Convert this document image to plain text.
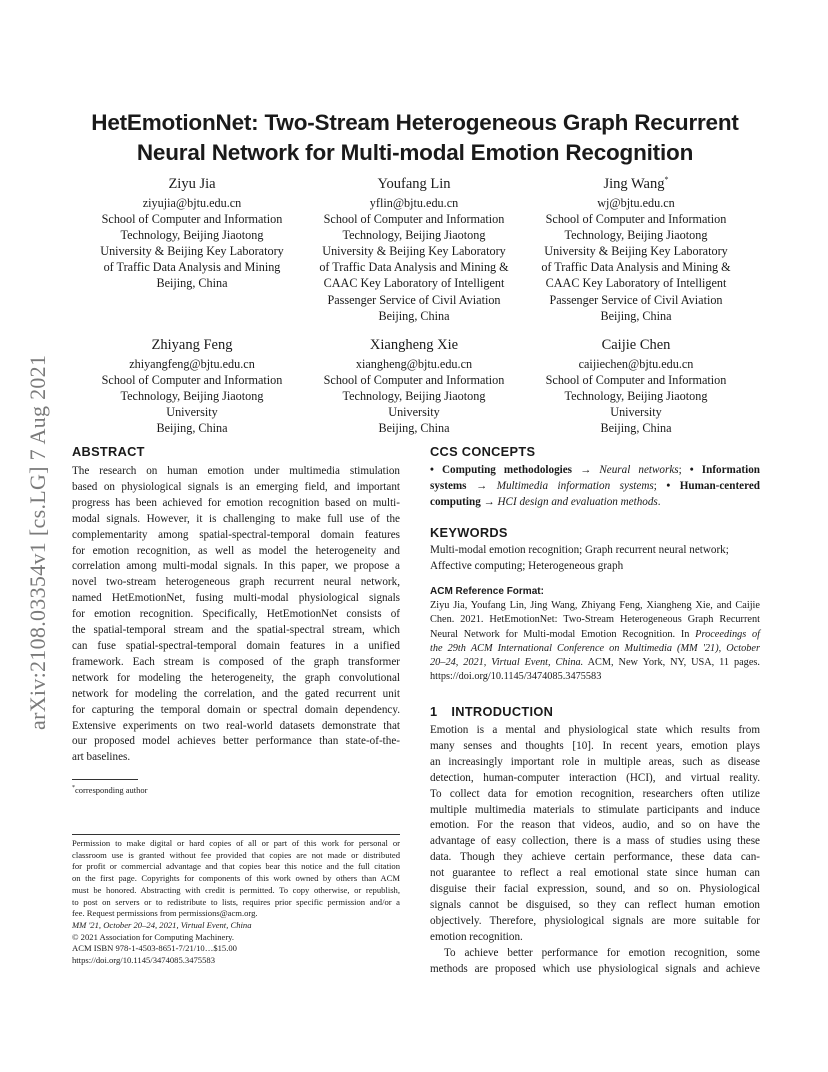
HetEmotionNet: Two-Stream Heterogeneous Graph Recurrent
Neural Network for Multi-modal Emotion Recognition
arXiv:2108.03354v1 [cs.LG] 7 Aug 2021
Ziyu Jia
ziyujia@bjtu.edu.cn
School of Computer and Information
Technology, Beijing Jiaotong
University & Beijing Key Laboratory
of Traffic Data Analysis and Mining
Beijing, China
Youfang Lin
yflin@bjtu.edu.cn
School of Computer and Information
Technology, Beijing Jiaotong
University & Beijing Key Laboratory
of Traffic Data Analysis and Mining &
CAAC Key Laboratory of Intelligent
Passenger Service of Civil Aviation
Beijing, China
Jing Wang*
wj@bjtu.edu.cn
School of Computer and Information
Technology, Beijing Jiaotong
University & Beijing Key Laboratory
of Traffic Data Analysis and Mining &
CAAC Key Laboratory of Intelligent
Passenger Service of Civil Aviation
Beijing, China
Zhiyang Feng
zhiyangfeng@bjtu.edu.cn
School of Computer and Information
Technology, Beijing Jiaotong
University
Beijing, China
Xiangheng Xie
xiangheng@bjtu.edu.cn
School of Computer and Information
Technology, Beijing Jiaotong
University
Beijing, China
Caijie Chen
caijiechen@bjtu.edu.cn
School of Computer and Information
Technology, Beijing Jiaotong
University
Beijing, China
ABSTRACT
The research on human emotion under multimedia stimulation
based on physiological signals is an emerging field, and important
progress has been achieved for emotion recognition based on multi-
modal signals. However, it is challenging to make full use of the
complementarity among spatial-spectral-temporal domain features
for emotion recognition, as well as model the heterogeneity and
correlation among multi-modal signals. In this paper, we propose a
novel two-stream heterogeneous graph recurrent neural network,
named HetEmotionNet, fusing multi-modal physiological signals
for emotion recognition. Specifically, HetEmotionNet consists of
the spatial-temporal stream and the spatial-spectral stream, which
can fuse spatial-spectral-temporal domain features in a unified
framework. Each stream is composed of the graph transformer
network for modeling the heterogeneity, the graph convolutional
network for modeling the correlation, and the gated recurrent unit
for capturing the temporal domain or spectral domain dependency.
Extensive experiments on two real-world datasets demonstrate that
our proposed model achieves better performance than state-of-the-
art baselines.
*corresponding author
Permission to make digital or hard copies of all or part of this work for personal or
classroom use is granted without fee provided that copies are not made or distributed
for profit or commercial advantage and that copies bear this notice and the full citation
on the first page. Copyrights for components of this work owned by others than ACM
must be honored. Abstracting with credit is permitted. To copy otherwise, or republish,
to post on servers or to redistribute to lists, requires prior specific permission and/or a
fee. Request permissions from permissions@acm.org.
MM '21, October 20–24, 2021, Virtual Event, China
© 2021 Association for Computing Machinery.
ACM ISBN 978-1-4503-8651-7/21/10…$15.00
https://doi.org/10.1145/3474085.3475583
CCS CONCEPTS
• Computing methodologies → Neural networks; • Information
systems → Multimedia information systems; • Human-centered
computing → HCI design and evaluation methods.
KEYWORDS
Multi-modal emotion recognition; Graph recurrent neural network;
Affective computing; Heterogeneous graph
ACM Reference Format:
Ziyu Jia, Youfang Lin, Jing Wang, Zhiyang Feng, Xiangheng Xie, and Caijie
Chen. 2021. HetEmotionNet: Two-Stream Heterogeneous Graph Recurrent
Neural Network for Multi-modal Emotion Recognition. In Proceedings of
the 29th ACM International Conference on Multimedia (MM '21), October
20–24, 2021, Virtual Event, China. ACM, New York, NY, USA, 11 pages.
https://doi.org/10.1145/3474085.3475583
1 INTRODUCTION
Emotion is a mental and physiological state which results from
many senses and thoughts [10]. In recent years, emotion plays
an increasingly important role in multiple areas, such as disease
detection, human-computer interaction (HCI), and virtual reality.
To collect data for emotion recognition, researchers often utilize
multiple multimedia materials to stimulate participants and induce
emotion. For the reason that videos, audio, and so on have the
advantage of easy collection, there is a mass of studies using these
data. Though they achieve certain performance, these data can-
not guarantee to reflect a real emotional state since human can
disguise their facial expression, sound, and so on. Physiological
signals cannot be disguised, so they can reflect human emotion
objectively. Therefore, physiological signals are more suitable for
emotion recognition.
To achieve better performance for emotion recognition, some
methods are proposed which use physiological signals and achieve
